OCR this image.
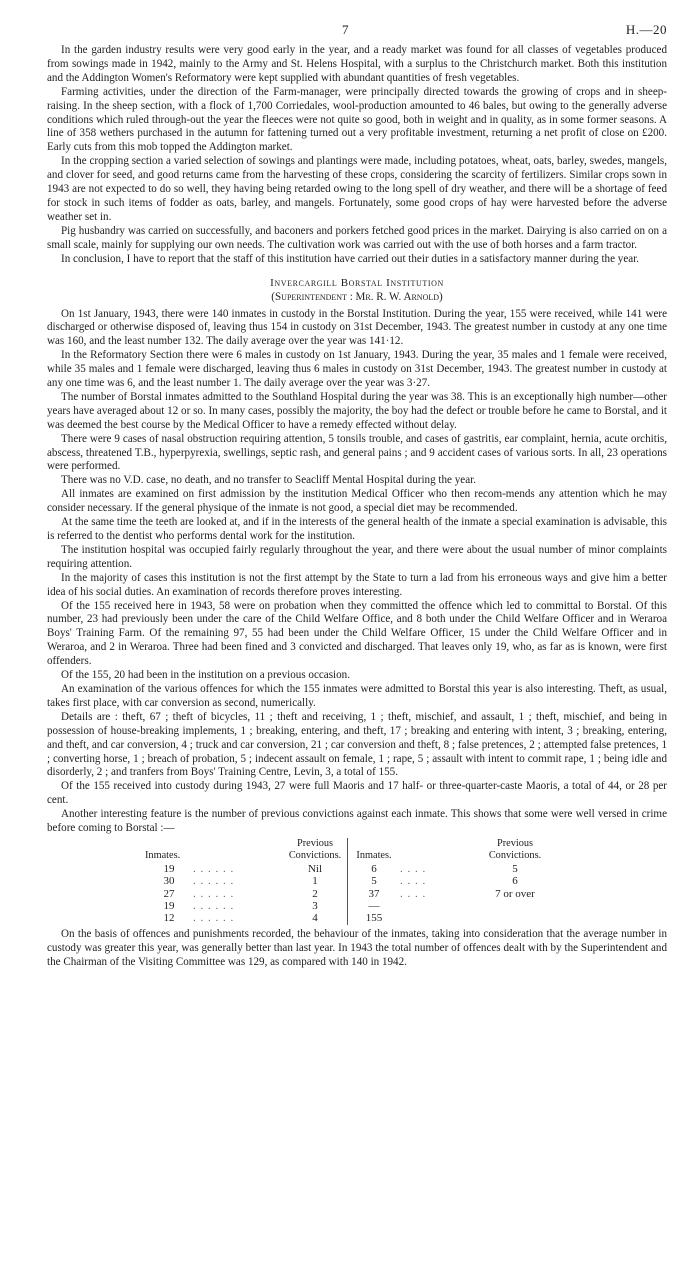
7	H.—20

In the garden industry results were very good early in the year, and a ready market was found for all classes of vegetables produced from sowings made in 1942, mainly to the Army and St. Helens Hospital, with a surplus to the Christchurch market. Both this institution and the Addington Women's Reformatory were kept supplied with abundant quantities of fresh vegetables.

Farming activities, under the direction of the Farm-manager, were principally directed towards the growing of crops and in sheep-raising. In the sheep section, with a flock of 1,700 Corriedales, wool-production amounted to 46 bales, but owing to the generally adverse conditions which ruled through-out the year the fleeces were not quite so good, both in weight and in quality, as in some former seasons. A line of 358 wethers purchased in the autumn for fattening turned out a very profitable investment, returning a net profit of close on £200. Early cuts from this mob topped the Addington market.

In the cropping section a varied selection of sowings and plantings were made, including potatoes, wheat, oats, barley, swedes, mangels, and clover for seed, and good returns came from the harvesting of these crops, considering the scarcity of fertilizers. Similar crops sown in 1943 are not expected to do so well, they having being retarded owing to the long spell of dry weather, and there will be a shortage of feed for stock in such items of fodder as oats, barley, and mangels. Fortunately, some good crops of hay were harvested before the adverse weather set in.

Pig husbandry was carried on successfully, and baconers and porkers fetched good prices in the market. Dairying is also carried on on a small scale, mainly for supplying our own needs. The cultivation work was carried out with the use of both horses and a farm tractor.

In conclusion, I have to report that the staff of this institution have carried out their duties in a satisfactory manner during the year.

Invercargill Borstal Institution
(Superintendent : Mr. R. W. Arnold)

On 1st January, 1943, there were 140 inmates in custody in the Borstal Institution. During the year, 155 were received, while 141 were discharged or otherwise disposed of, leaving thus 154 in custody on 31st December, 1943. The greatest number in custody at any one time was 160, and the least number 132. The daily average over the year was 141·12.

In the Reformatory Section there were 6 males in custody on 1st January, 1943. During the year, 35 males and 1 female were received, while 35 males and 1 female were discharged, leaving thus 6 males in custody on 31st December, 1943. The greatest number in custody at any one time was 6, and the least number 1. The daily average over the year was 3·27.

The number of Borstal inmates admitted to the Southland Hospital during the year was 38. This is an exceptionally high number—other years have averaged about 12 or so. In many cases, possibly the majority, the boy had the defect or trouble before he came to Borstal, and it was deemed the best course by the Medical Officer to have a remedy effected without delay.

There were 9 cases of nasal obstruction requiring attention, 5 tonsils trouble, and cases of gastritis, ear complaint, hernia, acute orchitis, abscess, threatened T.B., hyperpyrexia, swellings, septic rash, and general pains ; and 9 accident cases of various sorts. In all, 23 operations were performed.

There was no V.D. case, no death, and no transfer to Seacliff Mental Hospital during the year.

All inmates are examined on first admission by the institution Medical Officer who then recom-mends any attention which he may consider necessary. If the general physique of the inmate is not good, a special diet may be recommended.

At the same time the teeth are looked at, and if in the interests of the general health of the inmate a special examination is advisable, this is referred to the dentist who performs dental work for the institution.

The institution hospital was occupied fairly regularly throughout the year, and there were about the usual number of minor complaints requiring attention.

In the majority of cases this institution is not the first attempt by the State to turn a lad from his erroneous ways and give him a better idea of his social duties. An examination of records therefore proves interesting.

Of the 155 received here in 1943, 58 were on probation when they committed the offence which led to committal to Borstal. Of this number, 23 had previously been under the care of the Child Welfare Office, and 8 both under the Child Welfare Officer and in Weraroa Boys' Training Farm. Of the remaining 97, 55 had been under the Child Welfare Officer, 15 under the Child Welfare Officer and in Weraroa, and 2 in Weraroa. Three had been fined and 3 convicted and discharged. That leaves only 19, who, as far as is known, were first offenders.

Of the 155, 20 had been in the institution on a previous occasion.

An examination of the various offences for which the 155 inmates were admitted to Borstal this year is also interesting. Theft, as usual, takes first place, with car conversion as second, numerically.

Details are : theft, 67 ; theft of bicycles, 11 ; theft and receiving, 1 ; theft, mischief, and assault, 1 ; theft, mischief, and being in possession of house-breaking implements, 1 ; breaking, entering, and theft, 17 ; breaking and entering with intent, 3 ; breaking, entering, and theft, and car conversion, 4 ; truck and car conversion, 21 ; car conversion and theft, 8 ; false pretences, 2 ; attempted false pretences, 1 ; converting horse, 1 ; breach of probation, 5 ; indecent assault on female, 1 ; rape, 5 ; assault with intent to commit rape, 1 ; being idle and disorderly, 2 ; and tranfers from Boys' Training Centre, Levin, 3, a total of 155.

Of the 155 received into custody during 1943, 27 were full Maoris and 17 half- or three-quarter-caste Maoris, a total of 44, or 28 per cent.

Another interesting feature is the number of previous convictions against each inmate. This shows that some were well versed in crime before coming to Borstal :—

Inmates.		Previous Convictions.	Inmates.		Previous Convictions.
19	. . . . . .	Nil	6	. . . .	5
30	. . . . . .	1	5	. . . .	6
27	. . . . . .	2	37	. . . .	7 or over
19	. . . . . .	3	—		
12	. . . . . .	4	155		

On the basis of offences and punishments recorded, the behaviour of the inmates, taking into consideration that the average number in custody was greater this year, was generally better than last year. In 1943 the total number of offences dealt with by the Superintendent and the Chairman of the Visiting Committee was 129, as compared with 140 in 1942.
